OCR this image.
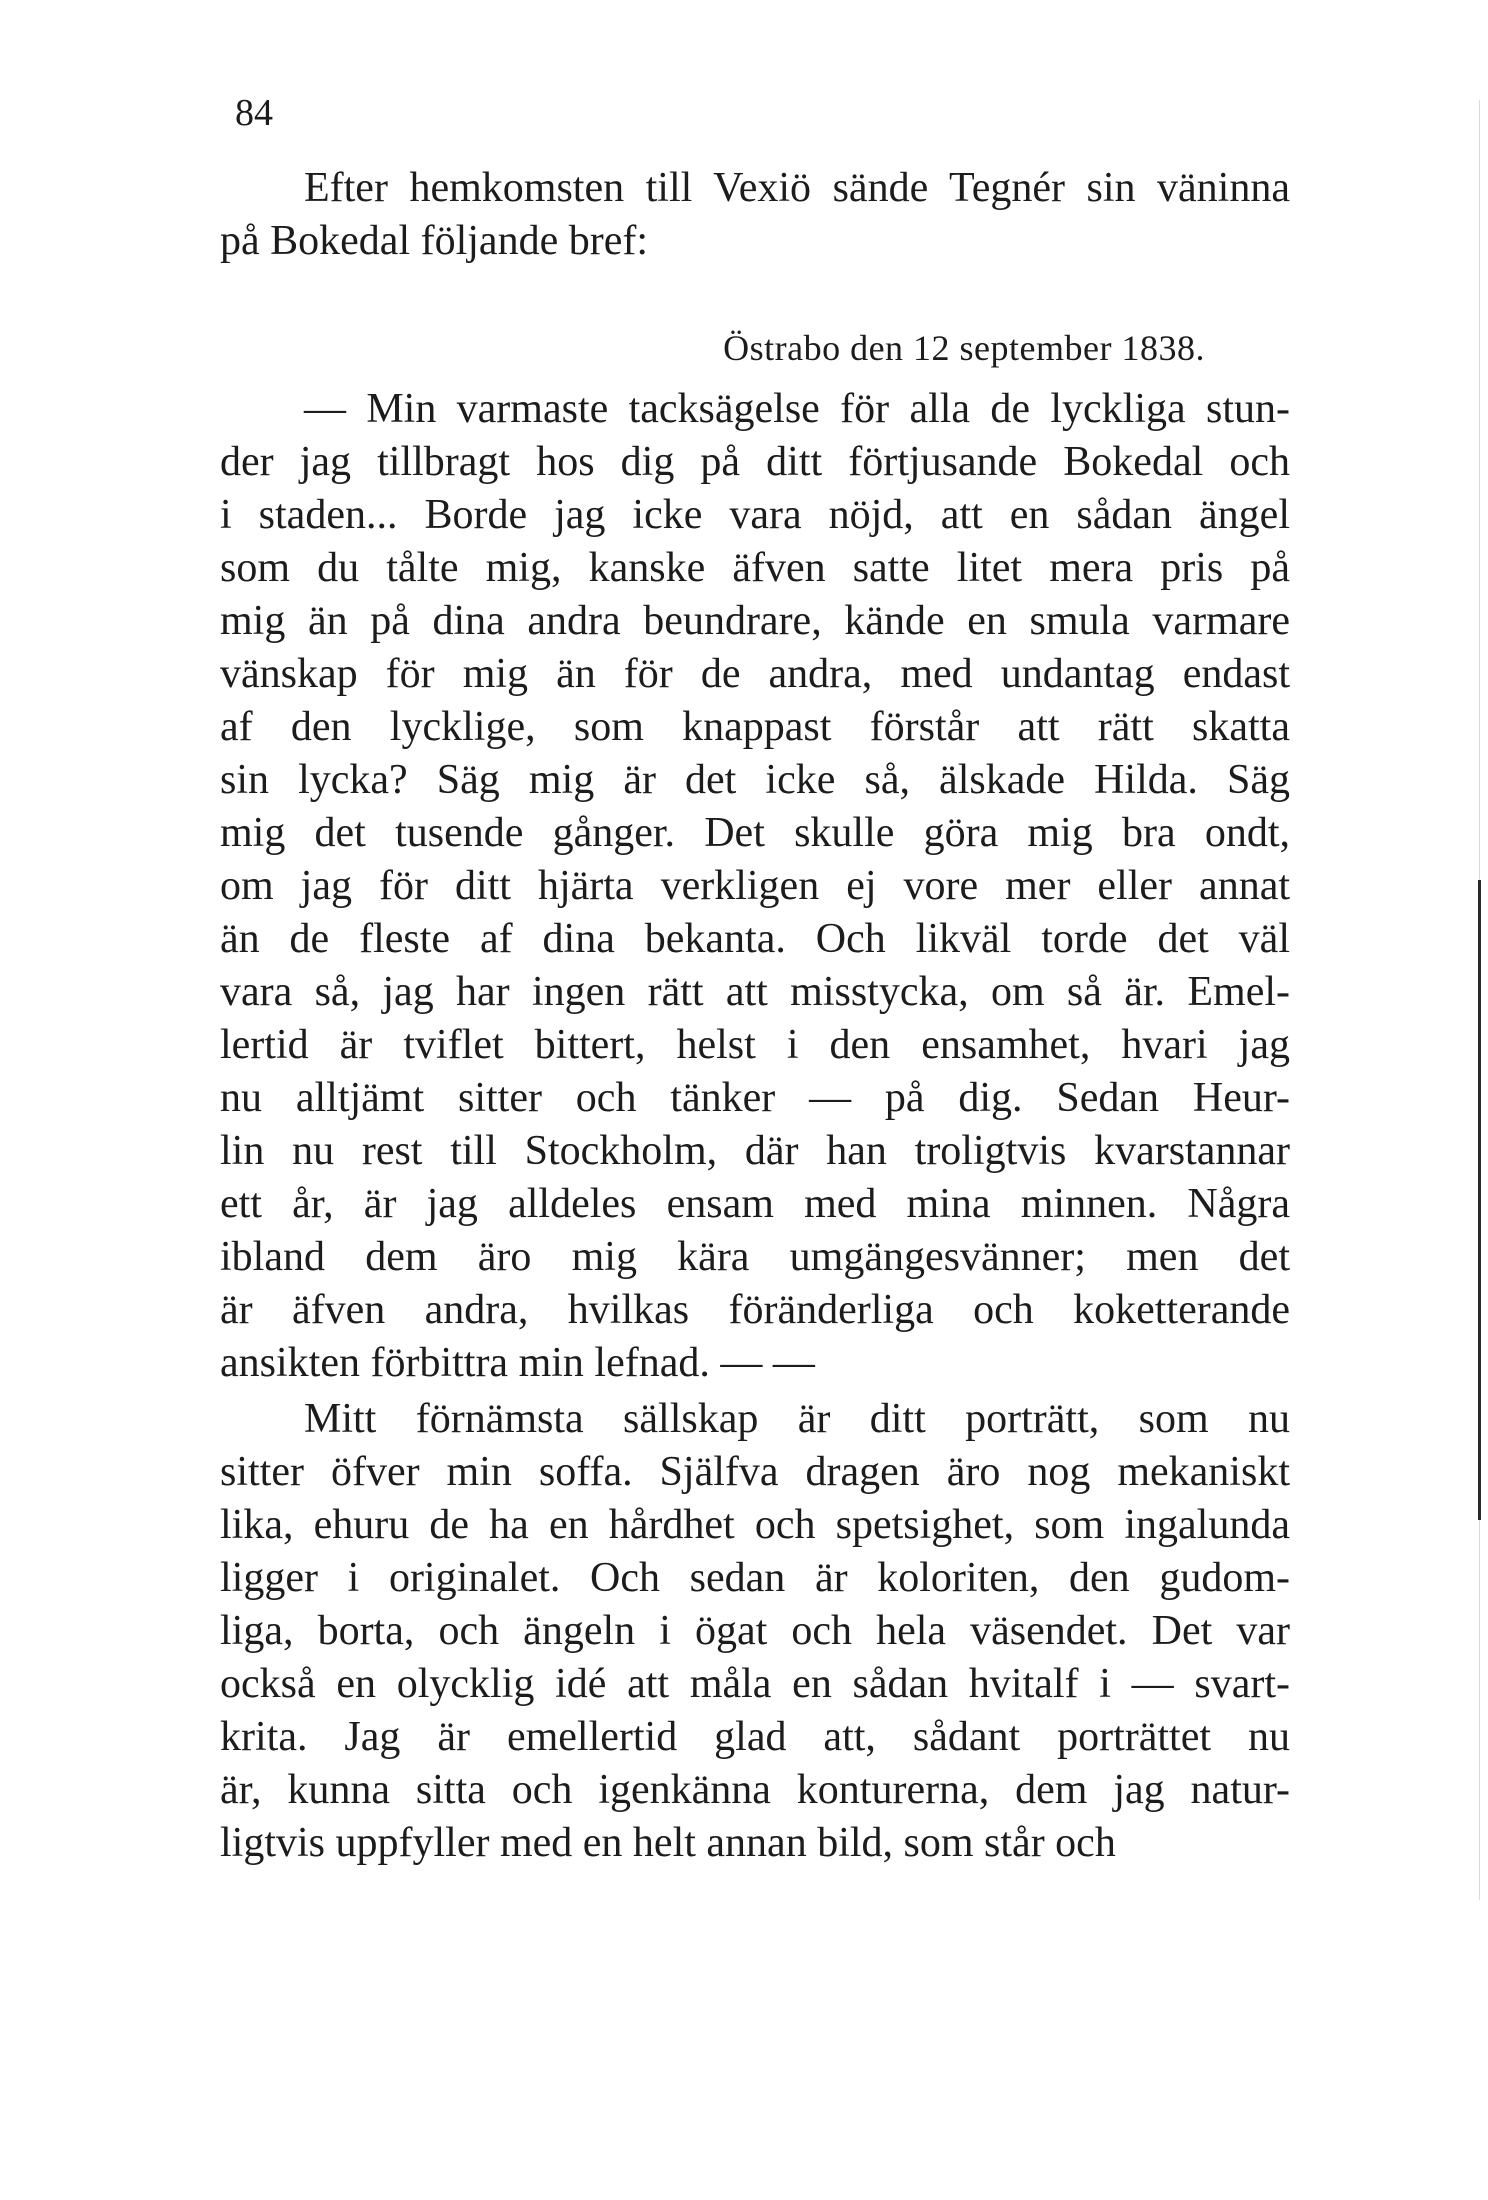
84
Efter hemkomsten till Vexiö sände Tegnér sin väninna
på Bokedal följande bref:
Östrabo den 12 september 1838.
— Min varmaste tacksägelse för alla de lyckliga stun-
der jag tillbragt hos dig på ditt förtjusande Bokedal och
i staden... Borde jag icke vara nöjd, att en sådan ängel
som du tålte mig, kanske äfven satte litet mera pris på
mig än på dina andra beundrare, kände en smula varmare
vänskap för mig än för de andra, med undantag endast
af den lycklige, som knappast förstår att rätt skatta
sin lycka? Säg mig är det icke så, älskade Hilda. Säg
mig det tusende gånger. Det skulle göra mig bra ondt,
om jag för ditt hjärta verkligen ej vore mer eller annat
än de fleste af dina bekanta. Och likväl torde det väl
vara så, jag har ingen rätt att misstycka, om så är. Emel-
lertid är tviflet bittert, helst i den ensamhet, hvari jag
nu alltjämt sitter och tänker — på dig. Sedan Heur-
lin nu rest till Stockholm, där han troligtvis kvarstannar
ett år, är jag alldeles ensam med mina minnen. Några
ibland dem äro mig kära umgängesvänner; men det
är äfven andra, hvilkas föränderliga och koketterande
ansikten förbittra min lefnad. — —
Mitt förnämsta sällskap är ditt porträtt, som nu
sitter öfver min soffa. Själfva dragen äro nog mekaniskt
lika, ehuru de ha en hårdhet och spetsighet, som ingalunda
ligger i originalet. Och sedan är koloriten, den gudom-
liga, borta, och ängeln i ögat och hela väsendet. Det var
också en olycklig idé att måla en sådan hvitalf i — svart-
krita. Jag är emellertid glad att, sådant porträttet nu
är, kunna sitta och igenkänna konturerna, dem jag natur-
ligtvis uppfyller med en helt annan bild, som står och
